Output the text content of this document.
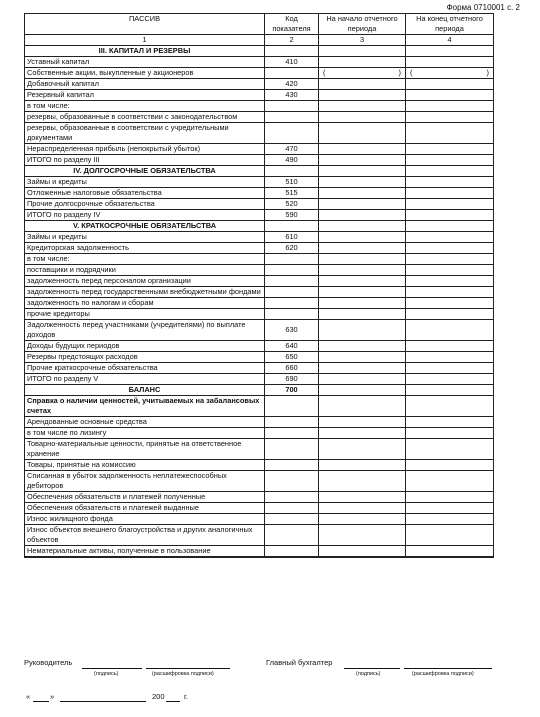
Форма 0710001 с. 2
ПАССИВ	Код показателя	На начало отчетного периода	На конец отчетного периода
1	2	3	4
III. КАПИТАЛ И РЕЗЕРВЫ			
Уставный капитал	410		
Собственные акции, выкупленные у акционеров		( )	( )

Добавочный капитал	420		
Резервный капитал	430		
в том числе:			
резервы, образованные в соответствии с законодательством			
резервы, образованные в соответствии с учредительными документами			
Нераспределенная прибыль (непокрытый убыток)	470		
ИТОГО по разделу III	490		
IV. ДОЛГОСРОЧНЫЕ ОБЯЗАТЕЛЬСТВА			
Займы и кредиты	510		
Отложенные налоговые обязательства	515		
Прочие долгосрочные обязательства	520		
ИТОГО по разделу IV	590		
V. КРАТКОСРОЧНЫЕ ОБЯЗАТЕЛЬСТВА			
Займы и кредиты	610		
Кредиторская задолженность	620		
в том числе:			
поставщики и подрядчики			
задолженность перед персоналом организации			
задолженность перед государственными внебюджетными фондами			
задолженность по налогам и сборам			
прочие кредиторы			
Задолженность перед участниками (учредителями) по выплате доходов	630		
Доходы будущих периодов	640		
Резервы предстоящих расходов	650		
Прочие краткосрочные обязательства	660		
ИТОГО по разделу V	690		
БАЛАНС	700		
Справка о наличии ценностей, учитываемых на забалансовых счетах			
Арендованные основные средства			
в том числе по лизингу			
Товарно-материальные ценности, принятые на ответственное хранение			
Товары, принятые на комиссию			
Списанная в убыток задолженность неплатежеспособных дебиторов			
Обеспечения обязательств и платежей полученные			
Обеспечения обязательств и платежей выданные			
Износ жилищного фонда			
Износ объектов внешнего благоустройства и других аналогичных объектов			
Нематериальные активы, полученные в пользование			

Руководитель
(подпись)	(расшифровка подписи)
Главный бухгалтер
(подпись)	(расшифровка подписи)
«	»	200	г.
